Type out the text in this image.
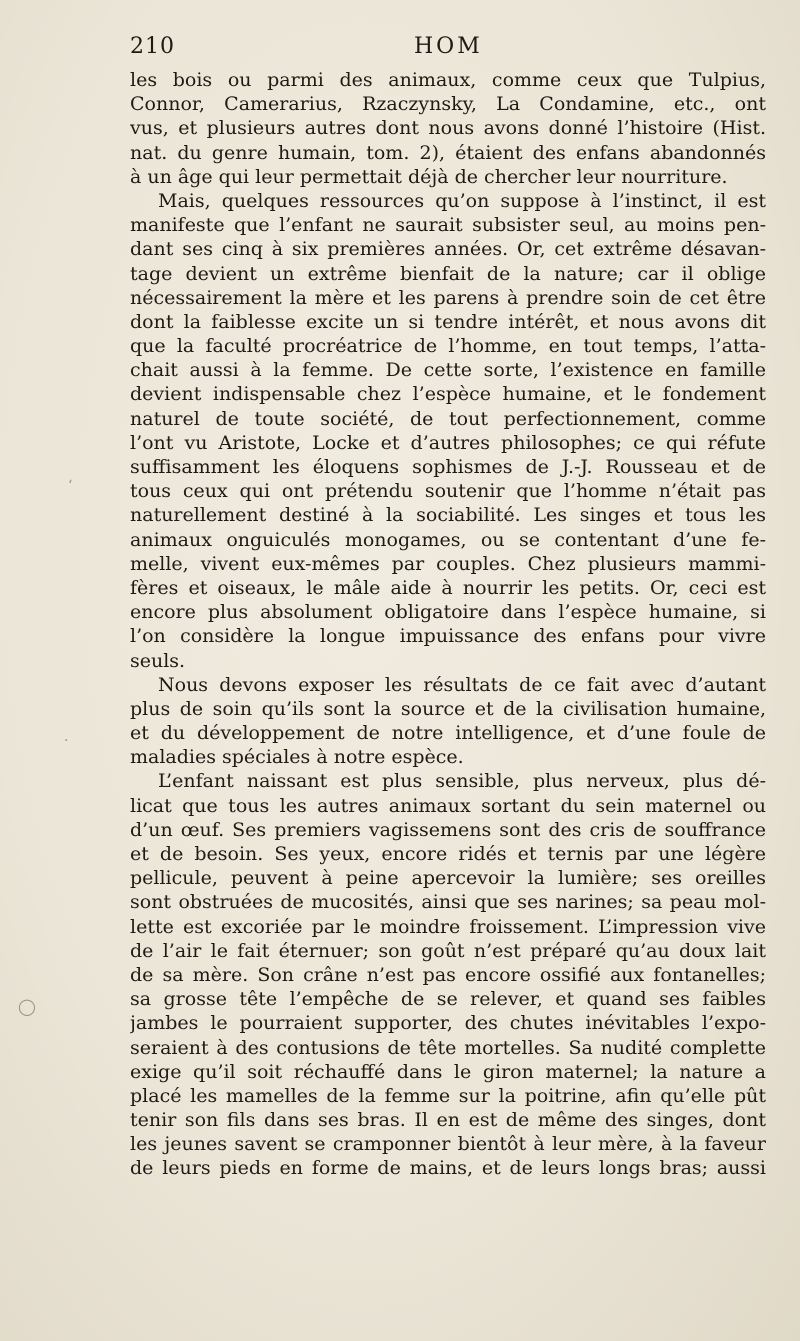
210	HOM
les bois ou parmi des animaux, comme ceux que Tulpius,
Connor, Camerarius, Rzaczynsky, La Condamine, etc., ont
vus, et plusieurs autres dont nous avons donné l’histoire (Hist.
nat. du genre humain, tom. 2), étaient des enfans abandonnés
à un âge qui leur permettait déjà de chercher leur nourriture.
Mais, quelques ressources qu’on suppose à l’instinct, il est
manifeste que l’enfant ne saurait subsister seul, au moins pen-
dant ses cinq à six premières années. Or, cet extrême désavan-
tage devient un extrême bienfait de la nature; car il oblige
nécessairement la mère et les parens à prendre soin de cet être
dont la faiblesse excite un si tendre intérêt, et nous avons dit
que la faculté procréatrice de l’homme, en tout temps, l’atta-
chait aussi à la femme. De cette sorte, l’existence en famille
devient indispensable chez l’espèce humaine, et le fondement
naturel de toute société, de tout perfectionnement, comme
l’ont vu Aristote, Locke et d’autres philosophes; ce qui réfute
suffisamment les éloquens sophismes de J.-J. Rousseau et de
tous ceux qui ont prétendu soutenir que l’homme n’était pas
naturellement destiné à la sociabilité. Les singes et tous les
animaux onguiculés monogames, ou se contentant d’une fe-
melle, vivent eux-mêmes par couples. Chez plusieurs mammi-
fères et oiseaux, le mâle aide à nourrir les petits. Or, ceci est
encore plus absolument obligatoire dans l’espèce humaine, si
l’on considère la longue impuissance des enfans pour vivre
seuls.
Nous devons exposer les résultats de ce fait avec d’autant
plus de soin qu’ils sont la source et de la civilisation humaine,
et du développement de notre intelligence, et d’une foule de
maladies spéciales à notre espèce.
L’enfant naissant est plus sensible, plus nerveux, plus dé-
licat que tous les autres animaux sortant du sein maternel ou
d’un œuf. Ses premiers vagissemens sont des cris de souffrance
et de besoin. Ses yeux, encore ridés et ternis par une légère
pellicule, peuvent à peine apercevoir la lumière; ses oreilles
sont obstruées de mucosités, ainsi que ses narines; sa peau mol-
lette est excoriée par le moindre froissement. L’impression vive
de l’air le fait éternuer; son goût n’est préparé qu’au doux lait
de sa mère. Son crâne n’est pas encore ossifié aux fontanelles;
sa grosse tête l’empêche de se relever, et quand ses faibles
jambes le pourraient supporter, des chutes inévitables l’expo-
seraient à des contusions de tête mortelles. Sa nudité complette
exige qu’il soit réchauffé dans le giron maternel; la nature a
placé les mamelles de la femme sur la poitrine, afin qu’elle pût
tenir son fils dans ses bras. Il en est de même des singes, dont
les jeunes savent se cramponner bientôt à leur mère, à la faveur
de leurs pieds en forme de mains, et de leurs longs bras; aussi
‘
·
◯
